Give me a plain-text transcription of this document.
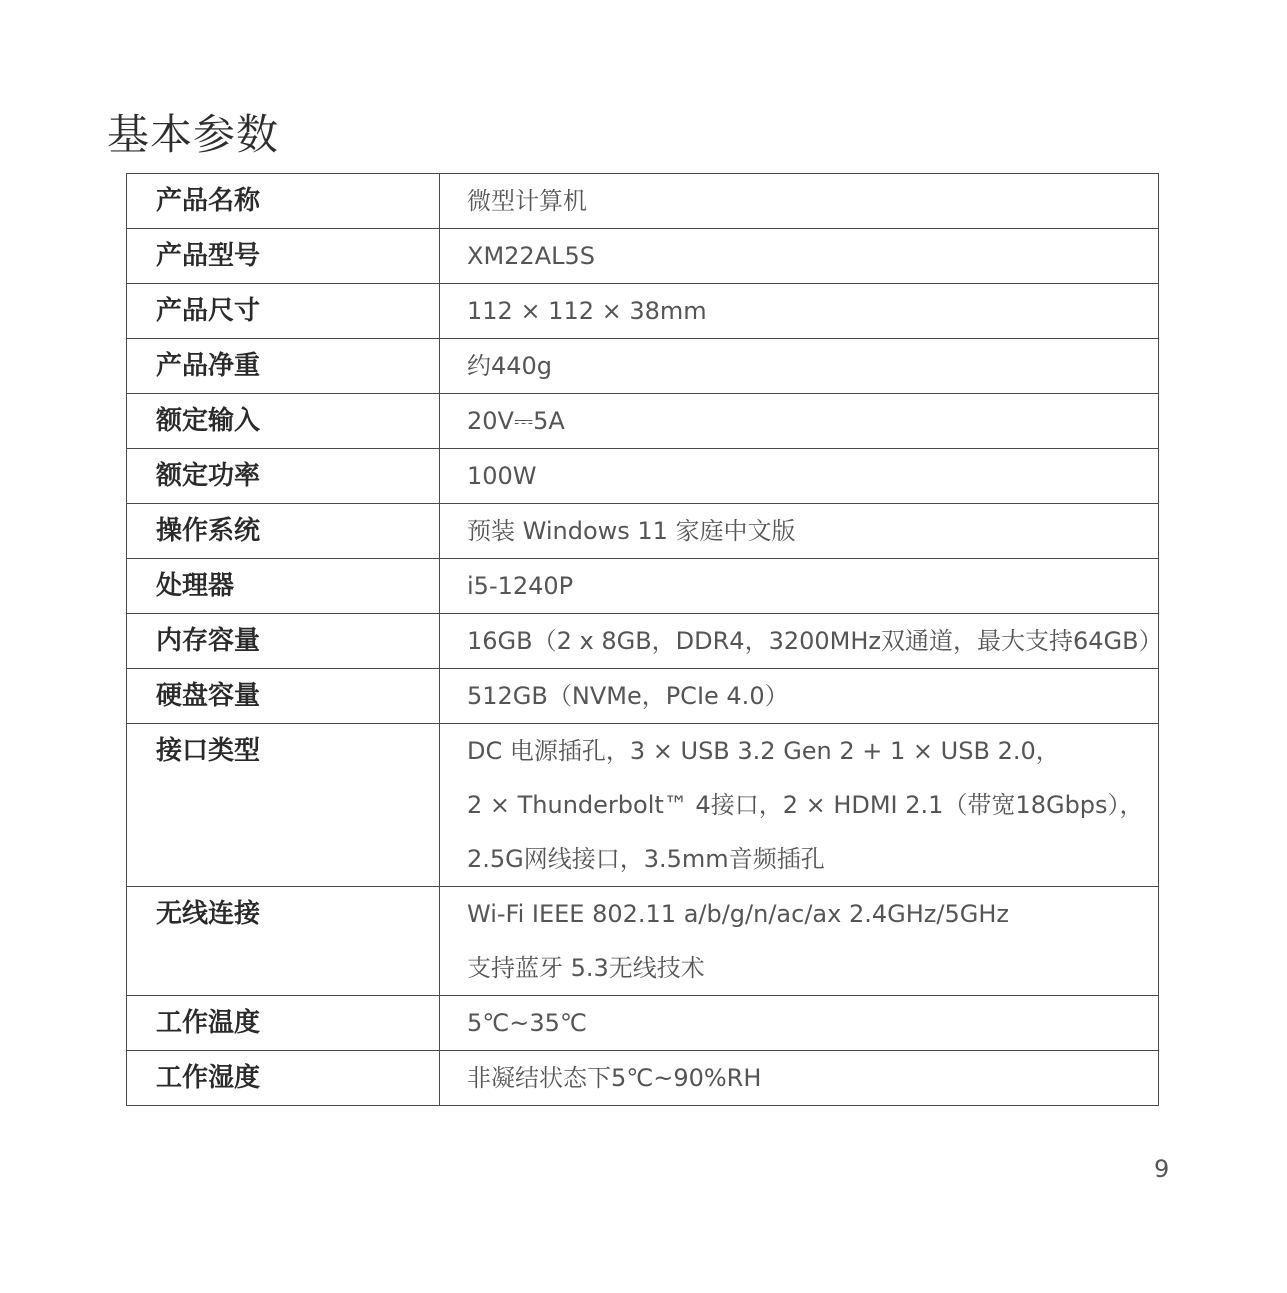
基本参数
产品名称	微型计算机

产品型号	XM22AL5S

产品尺寸	112 × 112 × 38mm

产品净重	约440g

额定输入	20V⎓5A

额定功率	100W

操作系统	预装 Windows 11 家庭中文版

处理器	i5-1240P

内存容量	16GB（2 x 8GB，DDR4，3200MHz双通道，最大支持64GB）

硬盘容量	512GB（NVMe，PCIe 4.0）

接口类型	DC 电源插孔，3 × USB 3.2 Gen 2 + 1 × USB 2.0，
2 × Thunderbolt™ 4接口，2 × HDMI 2.1（带宽18Gbps），
2.5G网线接口，3.5mm音频插孔

无线连接	Wi-Fi IEEE 802.11 a/b/g/n/ac/ax 2.4GHz/5GHz
支持蓝牙 5.3无线技术

工作温度	5℃~35℃

工作湿度	非凝结状态下5℃~90%RH
9
